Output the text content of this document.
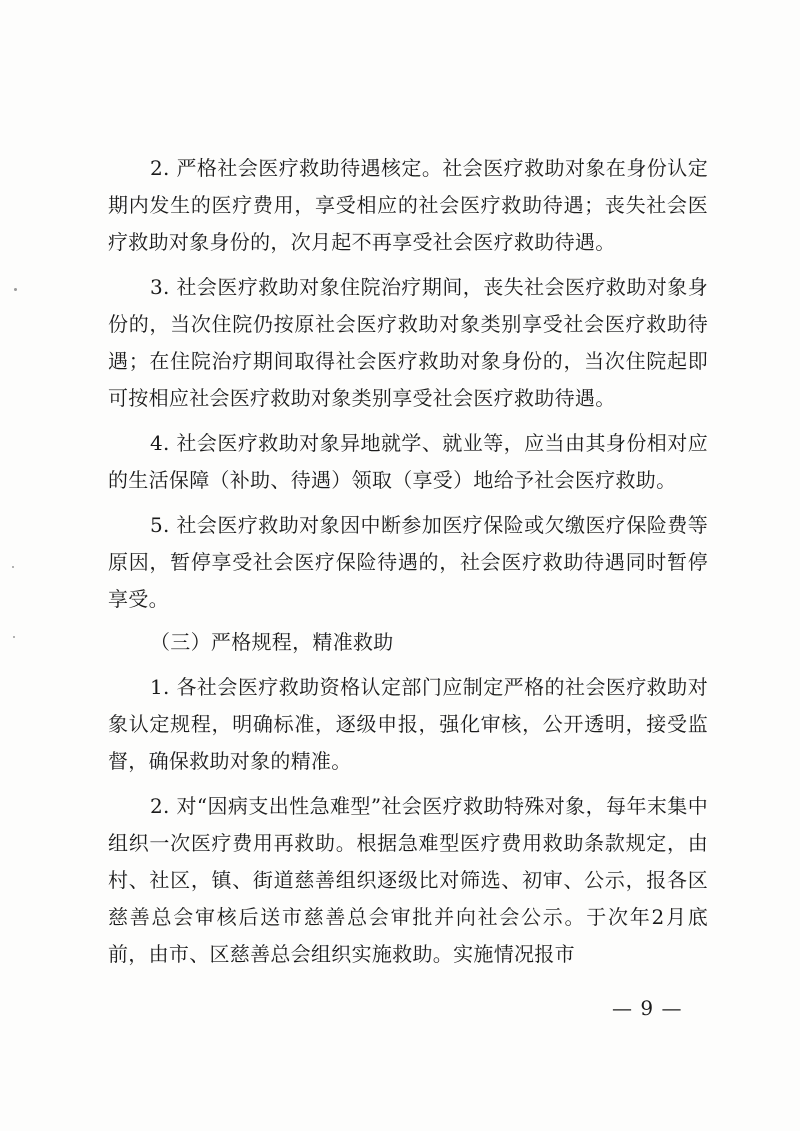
2. 严格社会医疗救助待遇核定。社会医疗救助对象在身份认定期内发生的医疗费用，享受相应的社会医疗救助待遇；丧失社会医疗救助对象身份的，次月起不再享受社会医疗救助待遇。

3. 社会医疗救助对象住院治疗期间，丧失社会医疗救助对象身份的，当次住院仍按原社会医疗救助对象类别享受社会医疗救助待遇；在住院治疗期间取得社会医疗救助对象身份的，当次住院起即可按相应社会医疗救助对象类别享受社会医疗救助待遇。

4. 社会医疗救助对象异地就学、就业等，应当由其身份相对应的生活保障（补助、待遇）领取（享受）地给予社会医疗救助。

5. 社会医疗救助对象因中断参加医疗保险或欠缴医疗保险费等原因，暂停享受社会医疗保险待遇的，社会医疗救助待遇同时暂停享受。

（三）严格规程，精准救助

1. 各社会医疗救助资格认定部门应制定严格的社会医疗救助对象认定规程，明确标准，逐级申报，强化审核，公开透明，接受监督，确保救助对象的精准。

2. 对“因病支出性急难型”社会医疗救助特殊对象，每年末集中组织一次医疗费用再救助。根据急难型医疗费用救助条款规定，由村、社区，镇、街道慈善组织逐级比对筛选、初审、公示，报各区慈善总会审核后送市慈善总会审批并向社会公示。于次年2月底前，由市、区慈善总会组织实施救助。实施情况报市

— 9 —
